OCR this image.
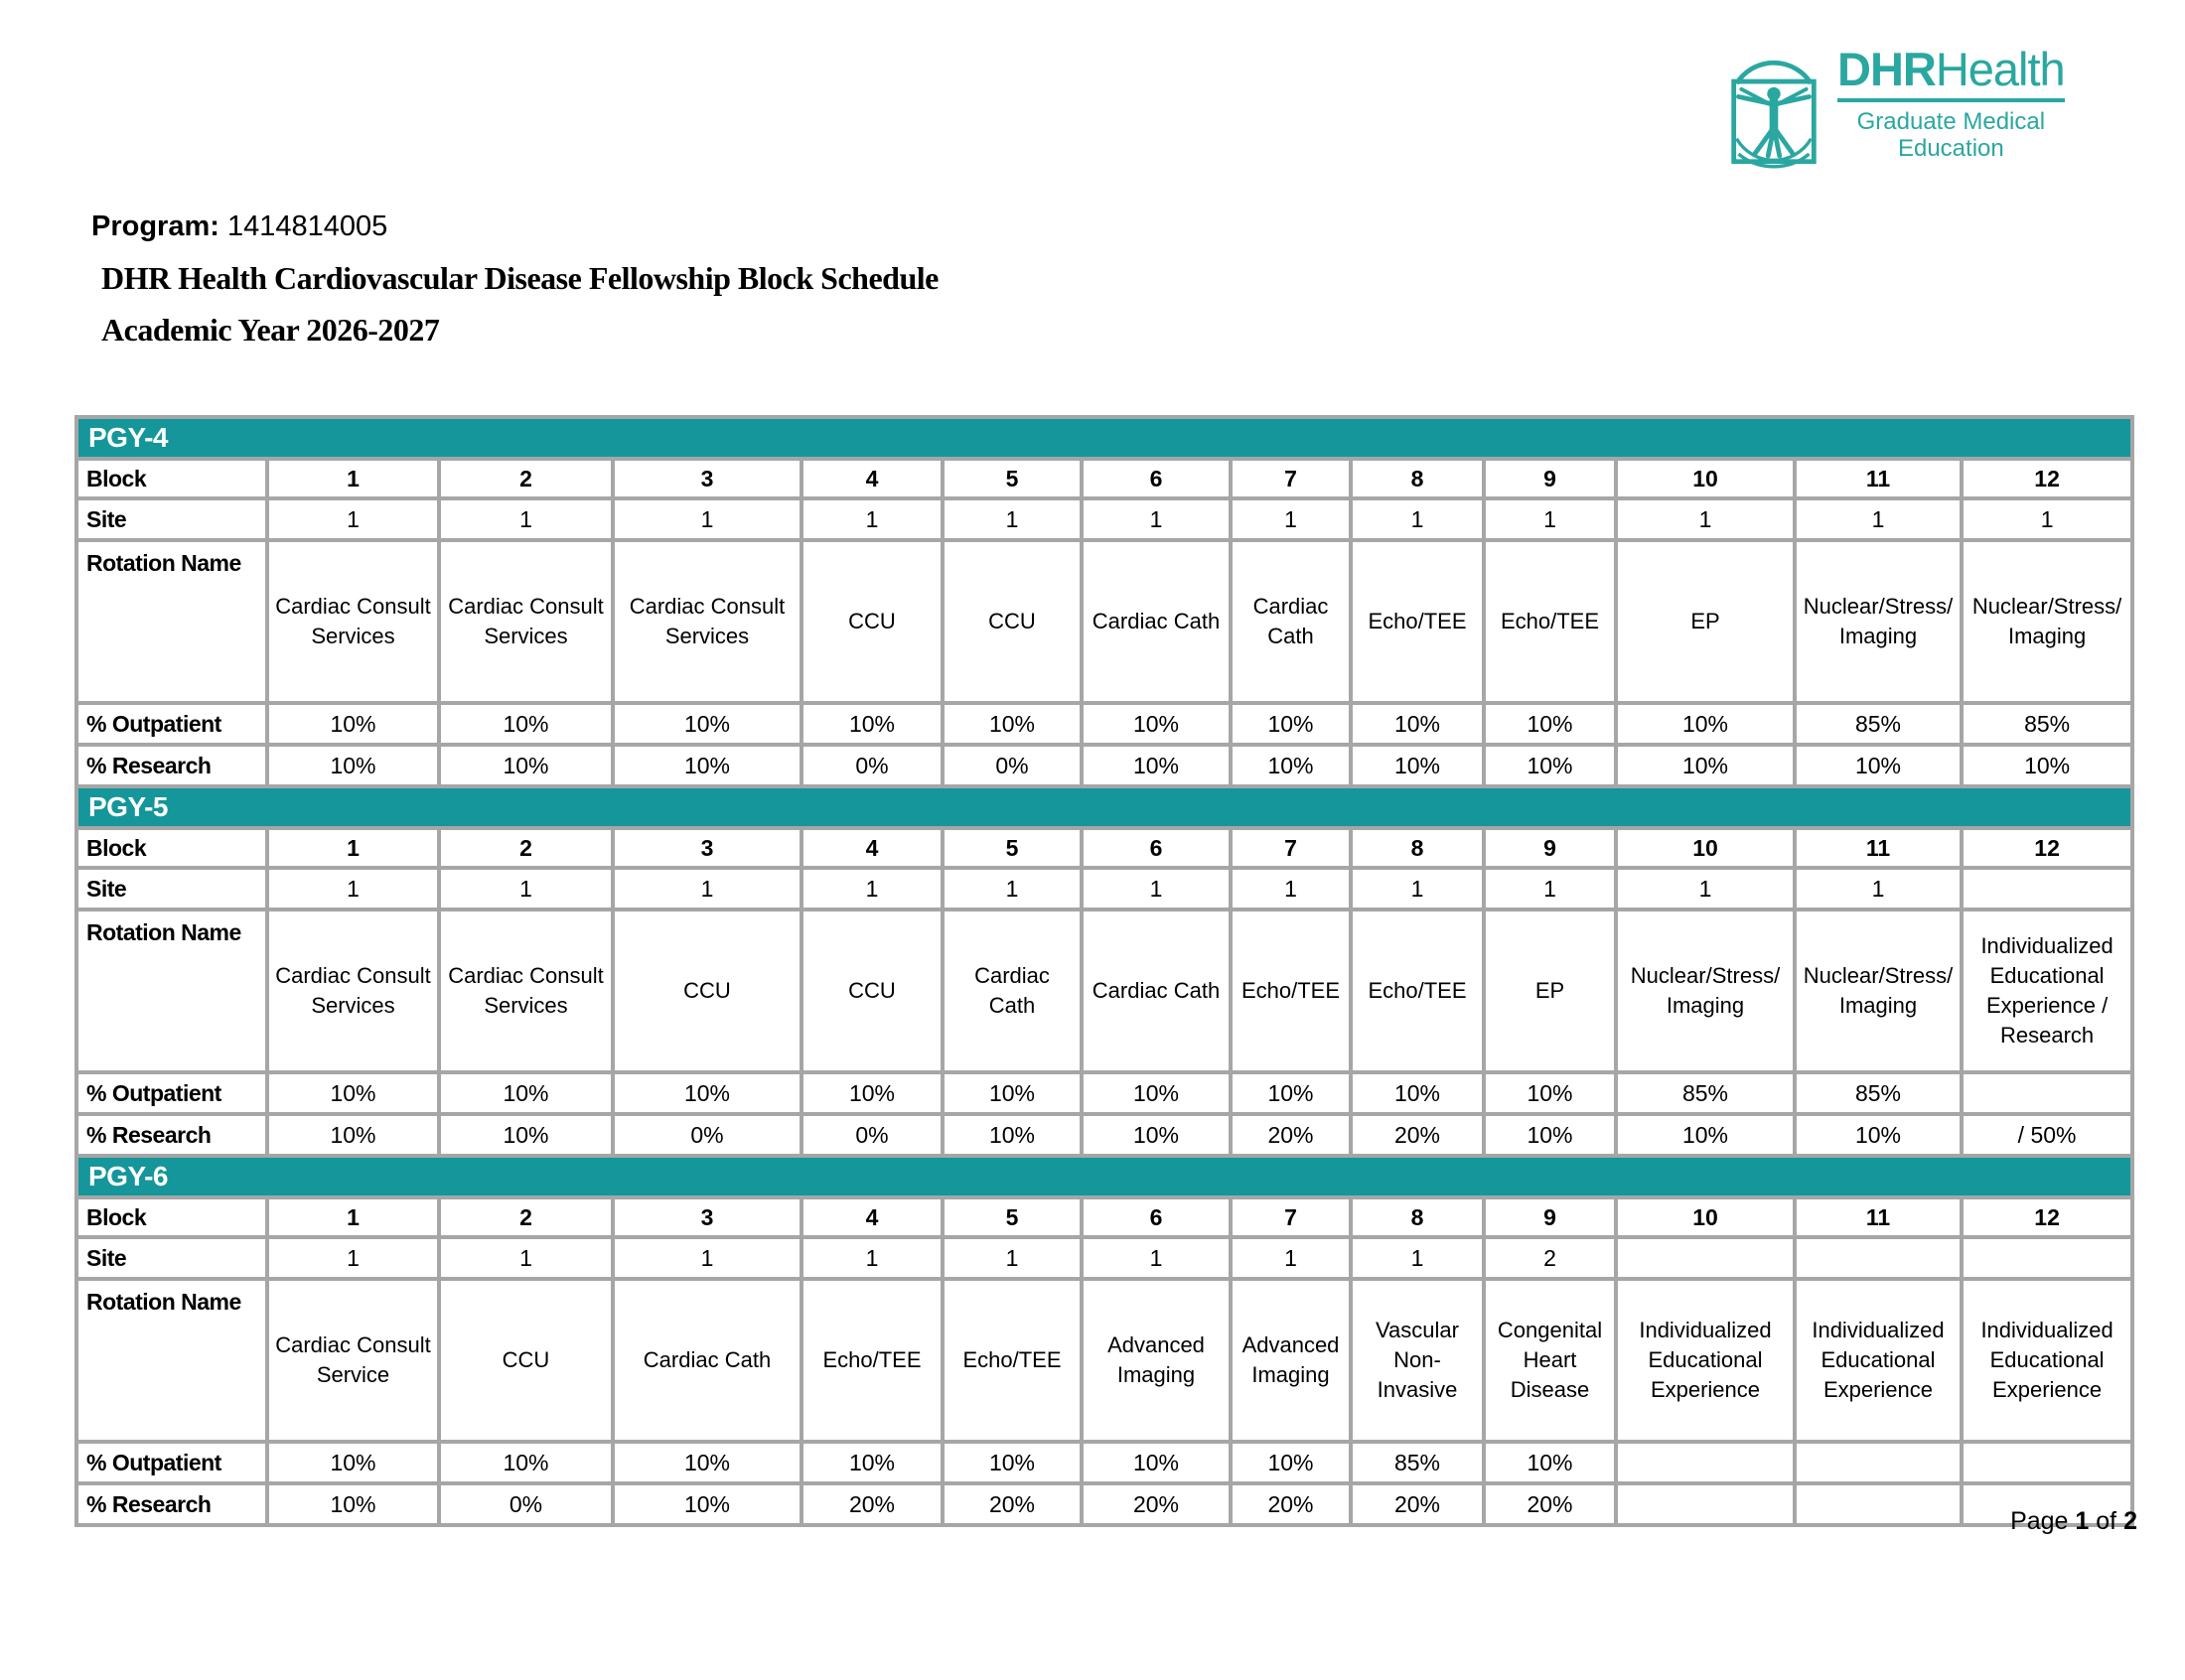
DHRHealth
Graduate Medical
Education
Program: 1414814005
DHR Health Cardiovascular Disease Fellowship Block Schedule
Academic Year 2026-2027
PGY-4												
Block	1	2	3	4	5	6	7	8	9	10	11	12
Site	1	1	1	1	1	1	1	1	1	1	1	1
Rotation Name	Cardiac Consult Services	Cardiac Consult Services	Cardiac Consult Services	CCU	CCU	Cardiac Cath	Cardiac Cath	Echo/​TEE	Echo/​TEE	EP	Nuclear/​Stress/​Imaging	Nuclear/​Stress/​Imaging
% Outpatient	10%	10%	10%	10%	10%	10%	10%	10%	10%	10%	85%	85%
% Research	10%	10%	10%	0%	0%	10%	10%	10%	10%	10%	10%	10%
PGY-5												
Block	1	2	3	4	5	6	7	8	9	10	11	12
Site	1	1	1	1	1	1	1	1	1	1	1	
Rotation Name	Cardiac Consult Services	Cardiac Consult Services	CCU	CCU	Cardiac Cath	Cardiac Cath	Echo/​TEE	Echo/​TEE	EP	Nuclear/​Stress/​Imaging	Nuclear/​Stress/​Imaging	Individualized Educational Experience /​ Research
% Outpatient	10%	10%	10%	10%	10%	10%	10%	10%	10%	85%	85%	
% Research	10%	10%	0%	0%	10%	10%	20%	20%	10%	10%	10%	/​ 50%
PGY-6												
Block	1	2	3	4	5	6	7	8	9	10	11	12
Site	1	1	1	1	1	1	1	1	2			
Rotation Name	Cardiac Consult Service	CCU	Cardiac Cath	Echo/​TEE	Echo/​TEE	Advanced Imaging	Advanced Imaging	Vascular Non-Invasive	Congenital Heart Disease	Individualized Educational Experience	Individualized Educational Experience	Individualized Educational Experience
% Outpatient	10%	10%	10%	10%	10%	10%	10%	85%	10%			
% Research	10%	0%	10%	20%	20%	20%	20%	20%	20%			
Page 1 of 2
